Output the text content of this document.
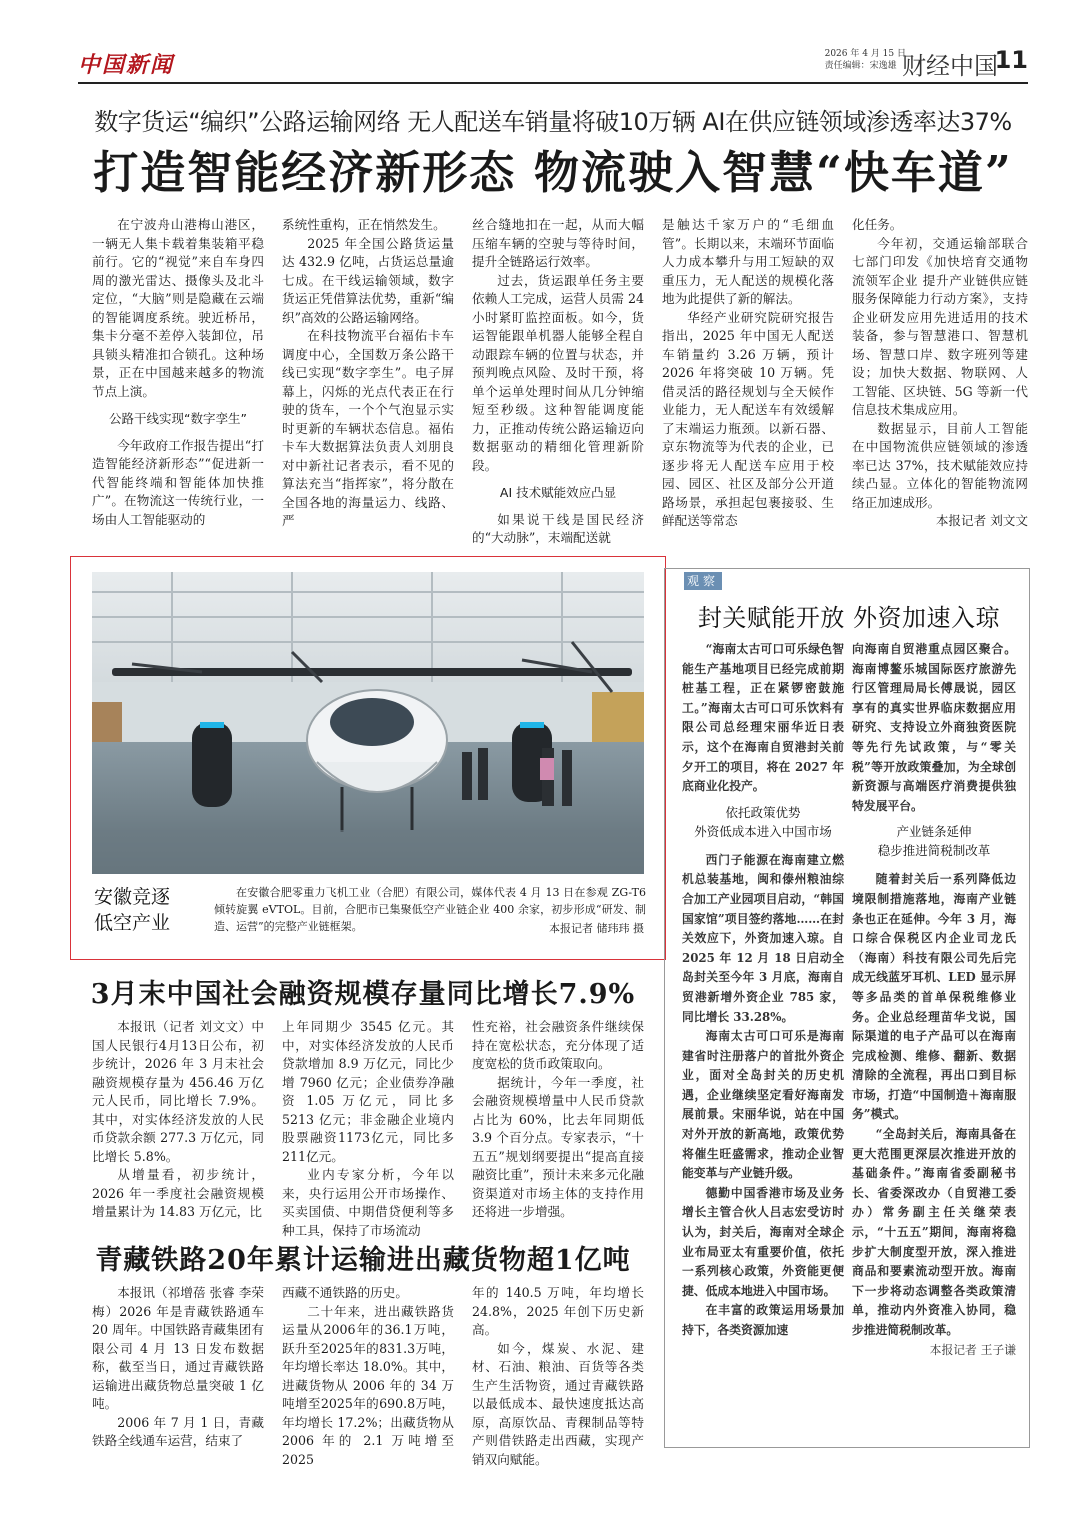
中国新闻	2026 年 4 月 15 日
责任编辑：宋逸雄 财经中国
11
数字货运“编织”公路运输网络 无人配送车销量将破10万辆 AI在供应链领域渗透率达37%
打造智能经济新形态 物流驶入智慧“快车道”

在宁波舟山港梅山港区，一辆无人集卡载着集装箱平稳前行。它的“视觉”来自车身四周的激光雷达、摄像头及北斗定位，“大脑”则是隐藏在云端的智能调度系统。驶近桥吊，集卡分毫不差停入装卸位，吊具锁头精准扣合锁孔。这种场景，正在中国越来越多的物流节点上演。

公路干线实现“数字孪生”

今年政府工作报告提出“打造智能经济新形态”“促进新一代智能终端和智能体加快推广”。在物流这一传统行业，一场由人工智能驱动的

系统性重构，正在悄然发生。

2025 年全国公路货运量达 432.9 亿吨，占货运总量逾七成。在干线运输领域，数字货运正凭借算法优势，重新“编织”高效的公路运输网络。

在科技物流平台福佑卡车调度中心，全国数万条公路干线已实现“数字孪生”。电子屏幕上，闪烁的光点代表正在行驶的货车，一个个气泡显示实时更新的车辆状态信息。福佑卡车大数据算法负责人刘朋良对中新社记者表示，看不见的算法充当“指挥家”，将分散在全国各地的海量运力、线路、严

丝合缝地扣在一起，从而大幅压缩车辆的空驶与等待时间，提升全链路运行效率。

过去，货运跟单任务主要依赖人工完成，运营人员需 24 小时紧盯监控面板。如今，货运智能跟单机器人能够全程自动跟踪车辆的位置与状态，并预判晚点风险、及时干预，将单个运单处理时间从几分钟缩短至秒级。这种智能调度能力，正推动传统公路运输迈向数据驱动的精细化管理新阶段。

AI 技术赋能效应凸显

如果说干线是国民经济的“大动脉”，末端配送就

是触达千家万户的“毛细血管”。长期以来，末端环节面临人力成本攀升与用工短缺的双重压力，无人配送的规模化落地为此提供了新的解法。

华经产业研究院研究报告指出，2025 年中国无人配送车销量约 3.26 万辆，预计 2026 年将突破 10 万辆。凭借灵活的路径规划与全天候作业能力，无人配送车有效缓解了末端运力瓶颈。以新石器、京东物流等为代表的企业，已逐步将无人配送车应用于校园、园区、社区及部分公开道路场景，承担起包裹接驳、生鲜配送等常态

化任务。

今年初，交通运输部联合七部门印发《加快培育交通物流领军企业 提升产业链供应链服务保障能力行动方案》，支持企业研发应用先进适用的技术装备，参与智慧港口、智慧机场、智慧口岸、数字班列等建设；加快大数据、物联网、人工智能、区块链、5G 等新一代信息技术集成应用。

数据显示，目前人工智能在中国物流供应链领域的渗透率已达 37%，技术赋能效应持续凸显。立体化的智能物流网络正加速成形。

本报记者 刘文文

安徽竞逐
低空产业
在安徽合肥零重力飞机工业（合肥）有限公司，媒体代表 4 月 13 日在参观 ZG-T6 倾转旋翼 eVTOL。目前，合肥市已集聚低空产业链企业 400 余家，初步形成“研发、制造、运营”的完整产业链框架。	本报记者 储玮玮 摄
观察
封关赋能开放 外资加速入琼

“海南太古可口可乐绿色智能生产基地项目已经完成前期桩基工程，正在紧锣密鼓施工。”海南太古可口可乐饮料有限公司总经理宋丽华近日表示，这个在海南自贸港封关前夕开工的项目，将在 2027 年底商业化投产。

依托政策优势
外资低成本进入中国市场

西门子能源在海南建立燃机总装基地，闽和傣州粮油综合加工产业园项目启动，“韩国国家馆”项目签约落地……在封关效应下，外资加速入琼。自 2025 年 12 月 18 日启动全岛封关至今年 3 月底，海南自贸港新增外资企业 785 家，同比增长 33.28%。

海南太古可口可乐是海南建省时注册落户的首批外资企业，面对全岛封关的历史机遇，企业继续坚定看好海南发展前景。宋丽华说，站在中国对外开放的新高地，政策优势将催生旺盛需求，推动企业智能变革与产业链升级。

德勤中国香港市场及业务增长主管合伙人吕志宏受访时认为，封关后，海南对全球企业布局亚太有重要价值，依托一系列核心政策，外资能更便捷、低成本地进入中国市场。

在丰富的政策运用场景加持下，各类资源加速

向海南自贸港重点园区聚合。海南博鳌乐城国际医疗旅游先行区管理局局长傅晟说，园区享有的真实世界临床数据应用研究、支持设立外商独资医院等先行先试政策，与“零关税”等开放政策叠加，为全球创新资源与高端医疗消费提供独特发展平台。

产业链条延伸
稳步推进简税制改革

随着封关后一系列降低边境限制措施落地，海南产业链条也正在延伸。今年 3 月，海口综合保税区内企业司龙氏（海南）科技有限公司先后完成无线蓝牙耳机、LED 显示屏等多品类的首单保税维修业务。企业总经理苗华戈说，国际渠道的电子产品可以在海南完成检测、维修、翻新、数据清除的全流程，再出口到目标市场，打造“中国制造＋海南服务”模式。

“全岛封关后，海南具备在更大范围更深层次推进开放的基础条件。”海南省委副秘书长、省委深改办（自贸港工委办）常务副主任关继荣表示，“十五五”期间，海南将稳步扩大制度型开放，深入推进商品和要素流动型开放。海南下一步将动态调整各类政策清单，推动内外资准入协同，稳步推进简税制改革。

本报记者 王子谦

3月末中国社会融资规模存量同比增长7.9%

本报讯（记者 刘文文）中国人民银行4月13日公布，初步统计，2026 年 3 月末社会融资规模存量为 456.46 万亿元人民币，同比增长 7.9%。其中，对实体经济发放的人民币贷款余额 277.3 万亿元，同比增长 5.8%。

从增量看，初步统计，2026 年一季度社会融资规模增量累计为 14.83 万亿元，比

上年同期少 3545 亿元。其中，对实体经济发放的人民币贷款增加 8.9 万亿元，同比少增 7960 亿元；企业债券净融资 1.05 万亿元，同比多 5213 亿元；非金融企业境内股票融资1173亿元，同比多211亿元。

业内专家分析，今年以来，央行运用公开市场操作、买卖国债、中期借贷便利等多种工具，保持了市场流动

性充裕，社会融资条件继续保持在宽松状态，充分体现了适度宽松的货币政策取向。

据统计，今年一季度，社会融资规模增量中人民币贷款占比为 60%，比去年同期低 3.9 个百分点。专家表示，“十五五”规划纲要提出“提高直接融资比重”，预计未来多元化融资渠道对市场主体的支持作用还将进一步增强。

青藏铁路20年累计运输进出藏货物超1亿吨

本报讯（祁增蓓 张睿 李荣梅）2026 年是青藏铁路通车 20 周年。中国铁路青藏集团有限公司 4 月 13 日发布数据称，截至当日，通过青藏铁路运输进出藏货物总量突破 1 亿吨。

2006 年 7 月 1 日，青藏铁路全线通车运营，结束了

西藏不通铁路的历史。

二十年来，进出藏铁路货运量从2006年的36.1万吨，跃升至2025年的831.3万吨，年均增长率达 18.0%。其中，进藏货物从 2006 年的 34 万吨增至2025年的690.8万吨，年均增长 17.2%；出藏货物从 2006 年的 2.1 万吨增至 2025

年的 140.5 万吨，年均增长 24.8%，2025 年创下历史新高。

如今，煤炭、水泥、建材、石油、粮油、百货等各类生产生活物资，通过青藏铁路以最低成本、最快速度抵达高原，高原饮品、青稞制品等特产则借铁路走出西藏，实现产销双向赋能。
